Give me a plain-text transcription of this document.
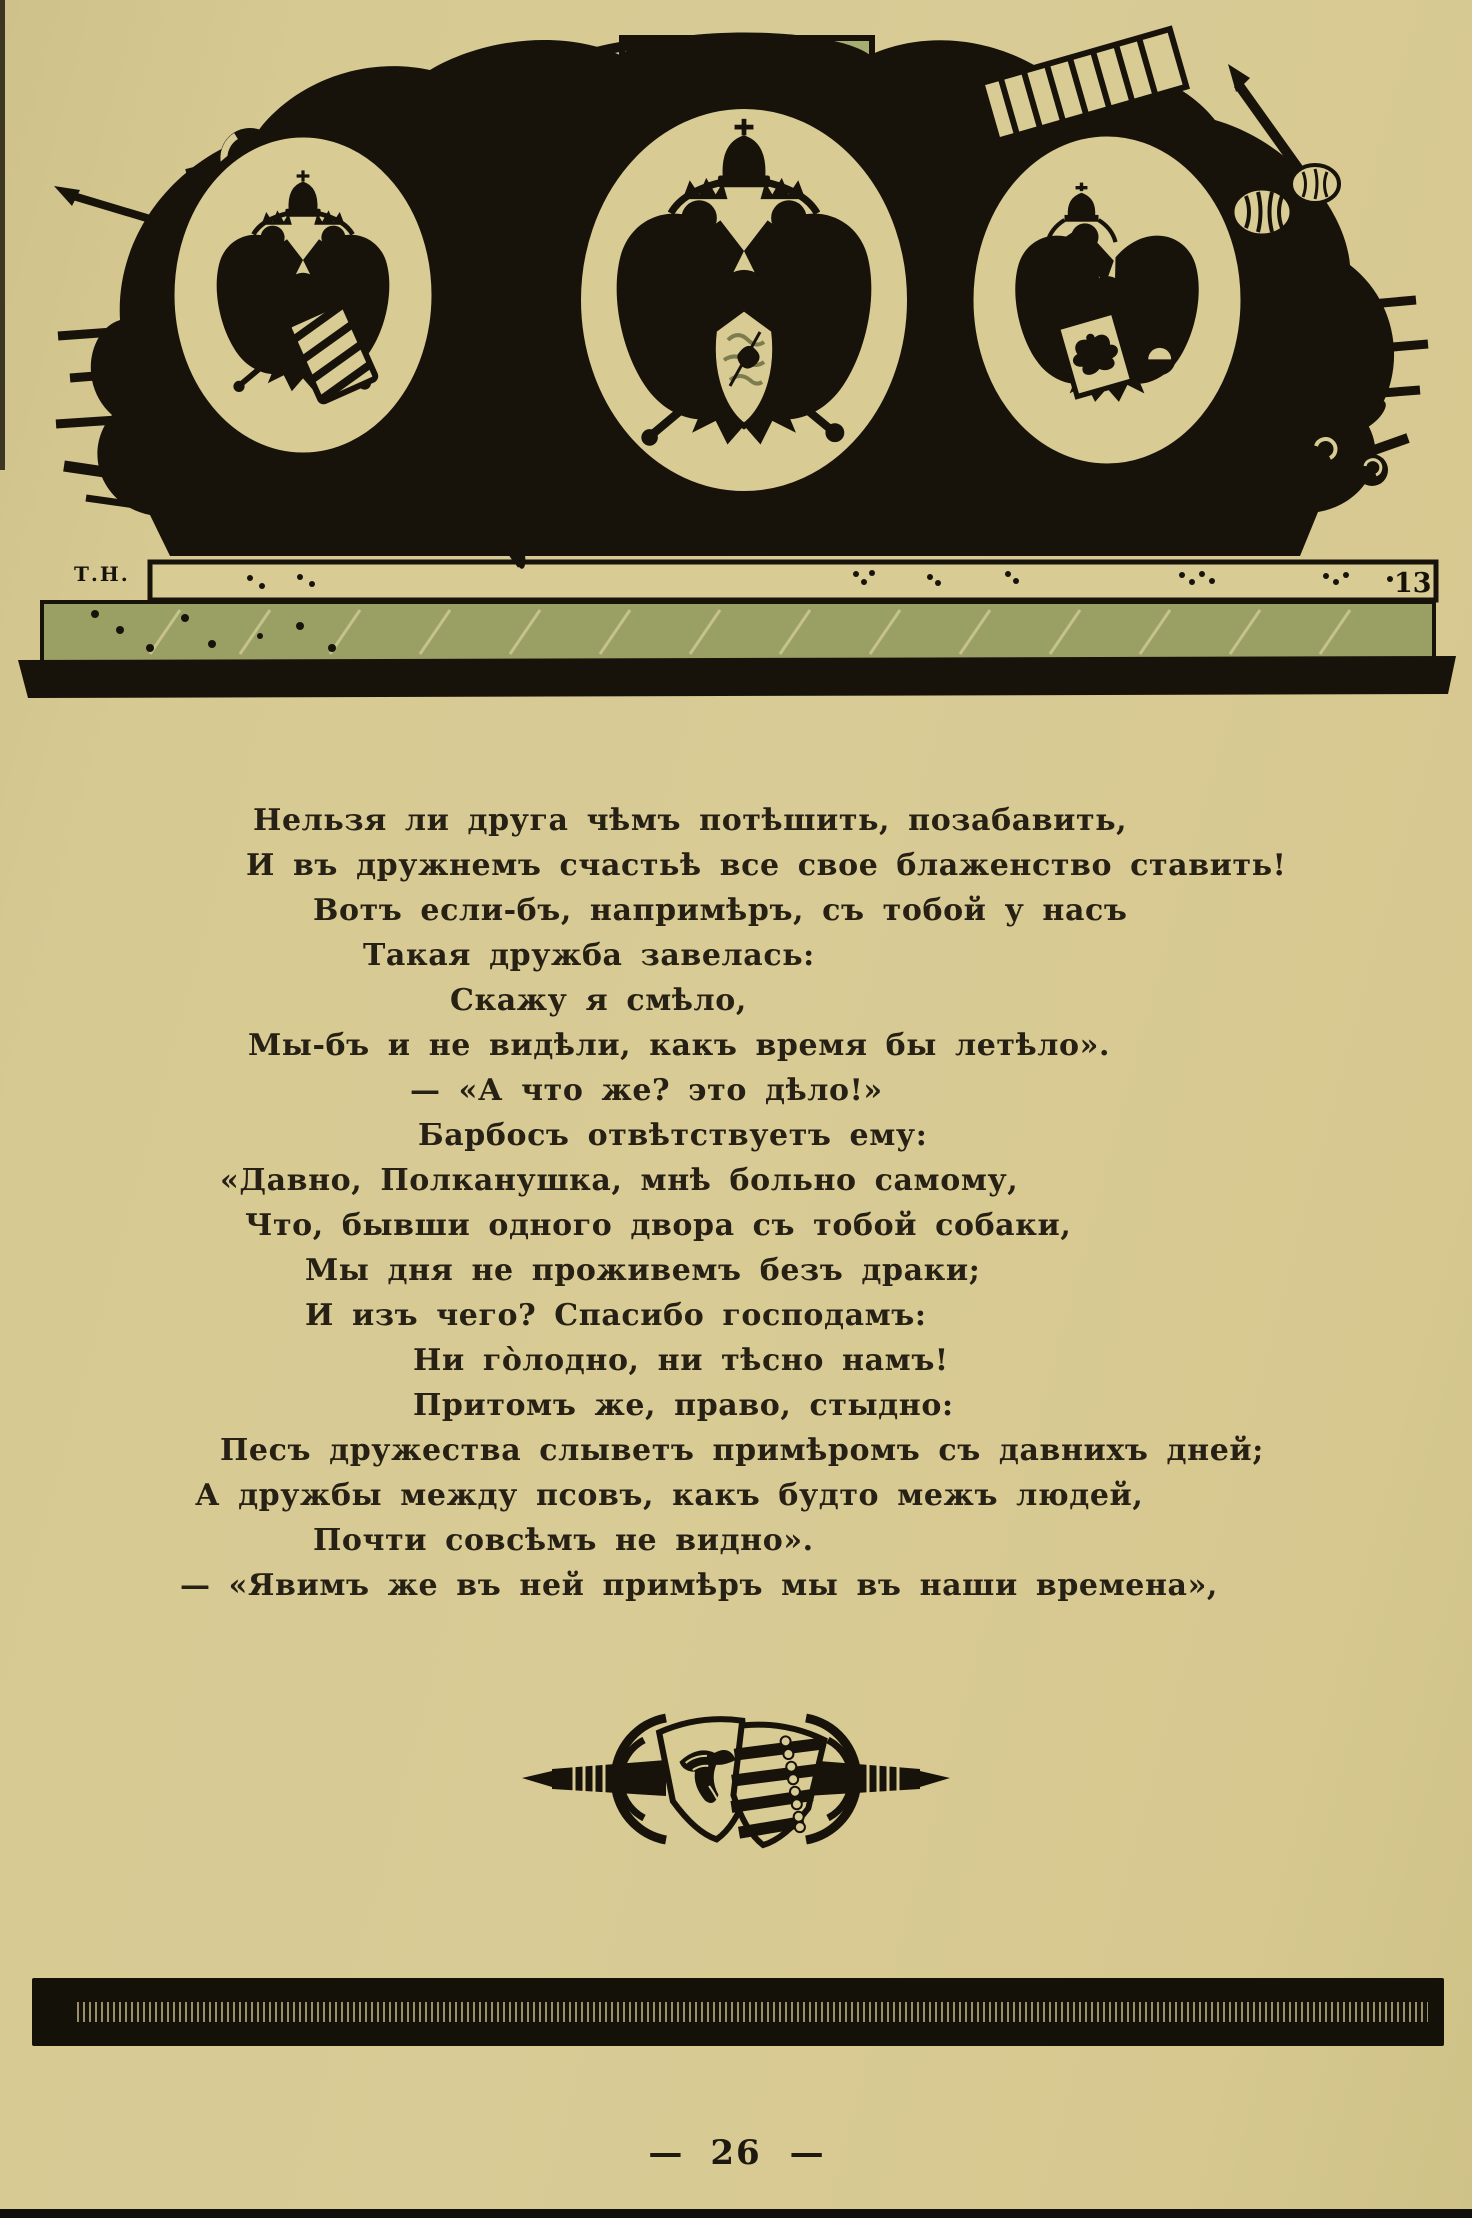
Т.Н.	13
Нельзя ли друга чѣмъ потѣшить, позабавить,
И въ дружнемъ счастьѣ все свое блаженство ставить!
Вотъ если-бъ, напримѣръ, съ тобой у насъ
Такая дружба завелась:
Скажу я смѣло,
Мы-бъ и не видѣли, какъ время бы летѣло».
— «А что же? это дѣло!»
Барбосъ отвѣтствуетъ ему:
«Давно, Полканушка, мнѣ больно самому,
Что, бывши одного двора съ тобой собаки,
Мы дня не проживемъ безъ драки;
И изъ чего? Спасибо господамъ:
Ни го̀лодно, ни тѣсно намъ!
Притомъ же, право, стыдно:
Песъ дружества слыветъ примѣромъ съ давнихъ дней;
А дружбы между псовъ, какъ будто межъ людей,
Почти совсѣмъ не видно».
— «Явимъ же въ ней примѣръ мы въ наши времена»,
— 26 —
